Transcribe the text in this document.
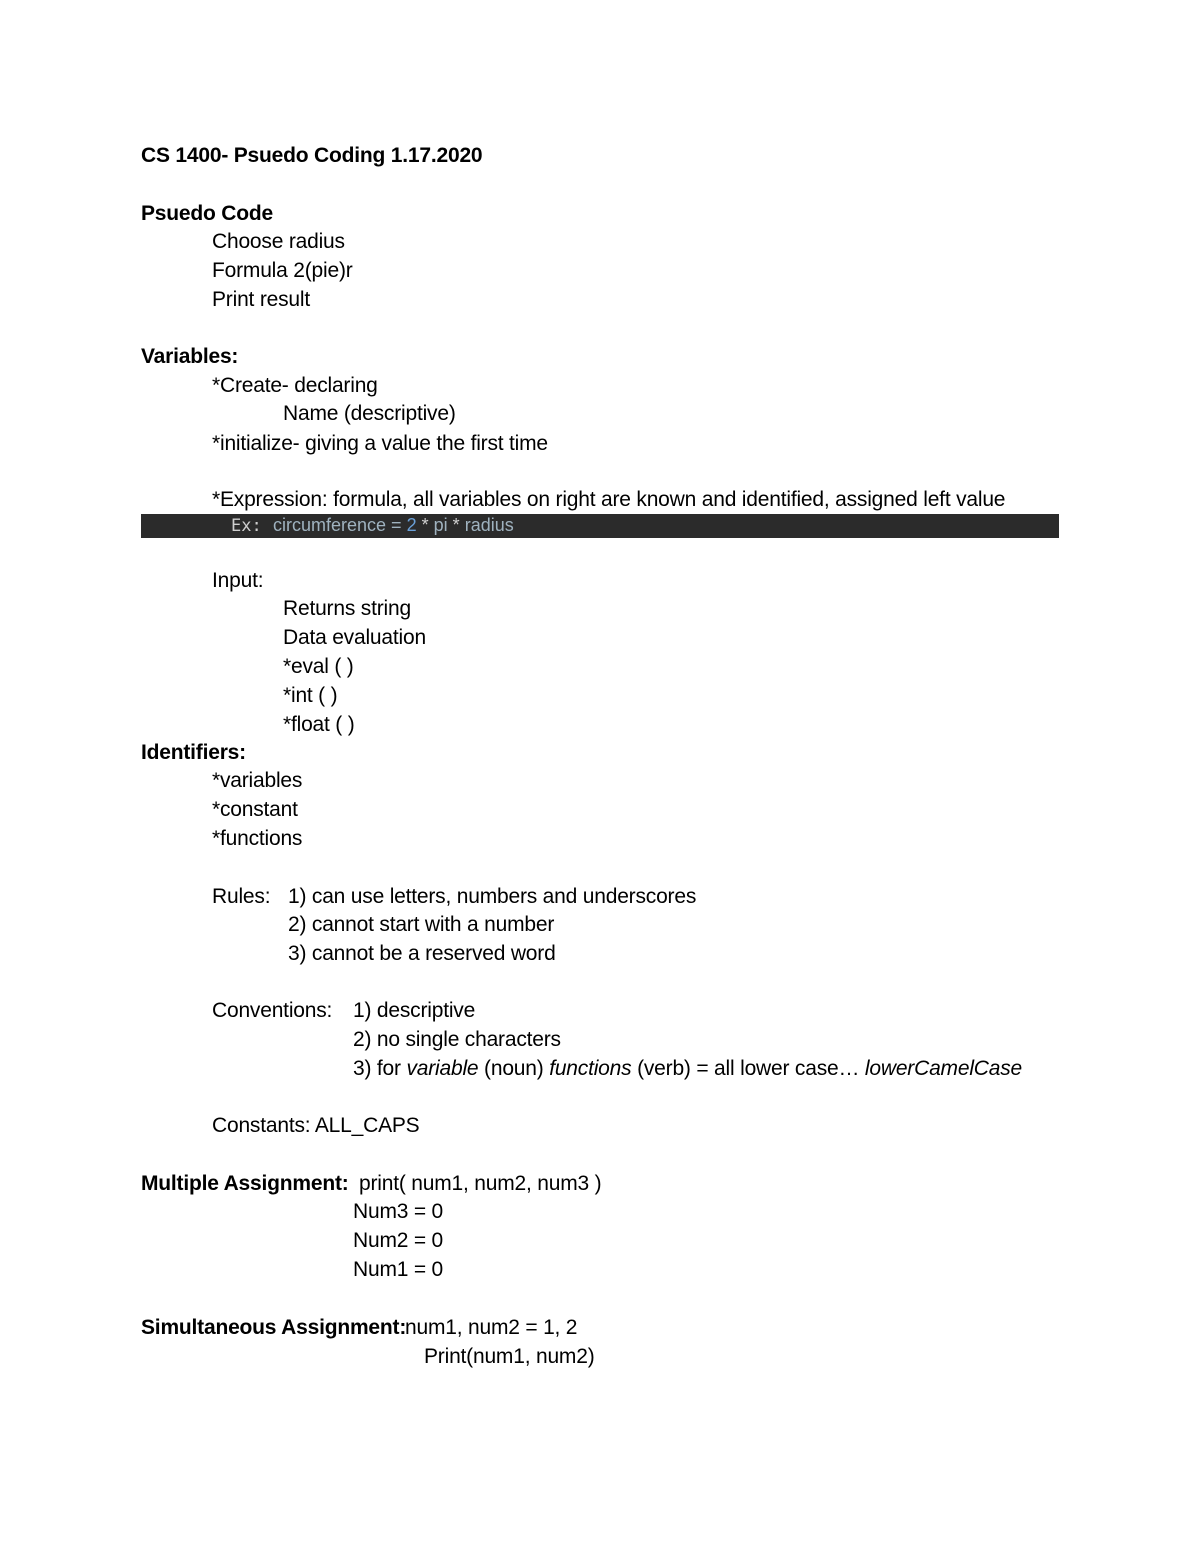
CS 1400- Psuedo Coding 1.17.2020
Psuedo Code
Choose radius
Formula 2(pie)r
Print result
Variables:
*Create- declaring
Name (descriptive)
*initialize- giving a value the first time
*Expression: formula, all variables on right are known and identified, assigned left value
Ex: circumference = 2 * pi * radius
Input:
Returns string
Data evaluation
*eval ( )
*int ( )
*float ( )
Identifiers:
*variables
*constant
*functions
Rules: 1) can use letters, numbers and underscores
2) cannot start with a number
3) cannot be a reserved word
Conventions: 1) descriptive
2) no single characters
3) for variable (noun) functions (verb) = all lower case… lowerCamelCase
Constants: ALL_CAPS
Multiple Assignment: print( num1, num2, num3 )
Num3 = 0
Num2 = 0
Num1 = 0
Simultaneous Assignment:
num1, num2 = 1, 2
Print(num1, num2)
